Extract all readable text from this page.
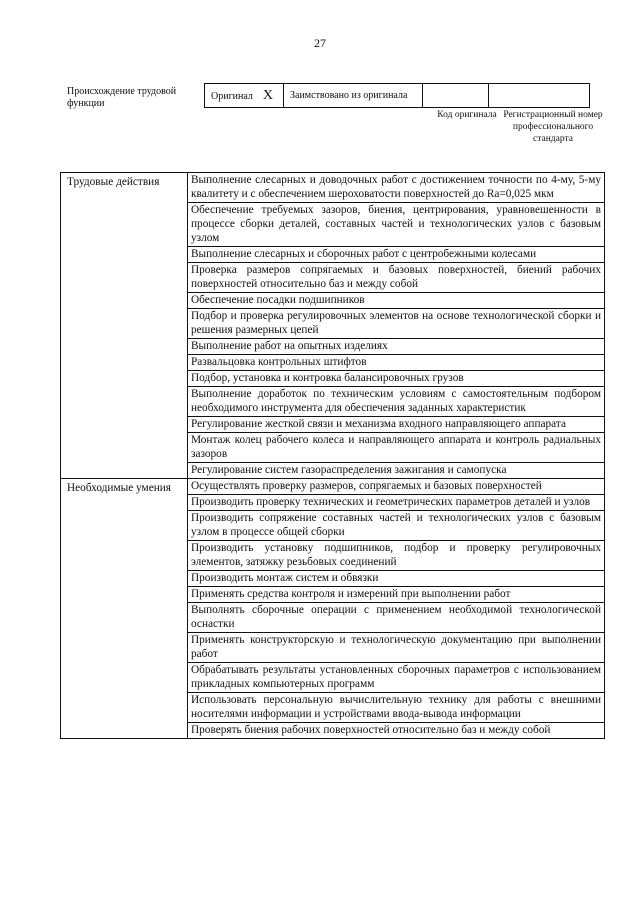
27
Происхождение трудовой функции
Оригинал X	Заимствовано из оригинала		
Код оригинала Регистрационный номер профессионального стандарта
Трудовые действия	Выполнение слесарных и доводочных работ с достижением точности по 4-му, 5-му квалитету и с обеспечением шероховатости поверхностей до Ra=0,025 мкм
	Обеспечение требуемых зазоров, биения, центрирования, уравновешенности в процессе сборки деталей, составных частей и технологических узлов с базовым узлом
	Выполнение слесарных и сборочных работ с центробежными колесами
	Проверка размеров сопрягаемых и базовых поверхностей, биений рабочих поверхностей относительно баз и между собой
	Обеспечение посадки подшипников
	Подбор и проверка регулировочных элементов на основе технологической сборки и решения размерных цепей
	Выполнение работ на опытных изделиях
	Развальцовка контрольных штифтов
	Подбор, установка и контровка балансировочных грузов
	Выполнение доработок по техническим условиям с самостоятельным подбором необходимого инструмента для обеспечения заданных характеристик
	Регулирование жесткой связи и механизма входного направляющего аппарата
	Монтаж колец рабочего колеса и направляющего аппарата и контроль радиальных зазоров
	Регулирование систем газораспределения зажигания и самопуска
Необходимые умения	Осуществлять проверку размеров, сопрягаемых и базовых поверхностей
	Производить проверку технических и геометрических параметров деталей и узлов
	Производить сопряжение составных частей и технологических узлов с базовым узлом в процессе общей сборки
	Производить установку подшипников, подбор и проверку регулировочных элементов, затяжку резьбовых соединений
	Производить монтаж систем и обвязки
	Применять средства контроля и измерений при выполнении работ
	Выполнять сборочные операции с применением необходимой технологической оснастки
	Применять конструкторскую и технологическую документацию при выполнении работ
	Обрабатывать результаты установленных сборочных параметров с использованием прикладных компьютерных программ
	Использовать персональную вычислительную технику для работы с внешними носителями информации и устройствами ввода-вывода информации
	Проверять биения рабочих поверхностей относительно баз и между собой
